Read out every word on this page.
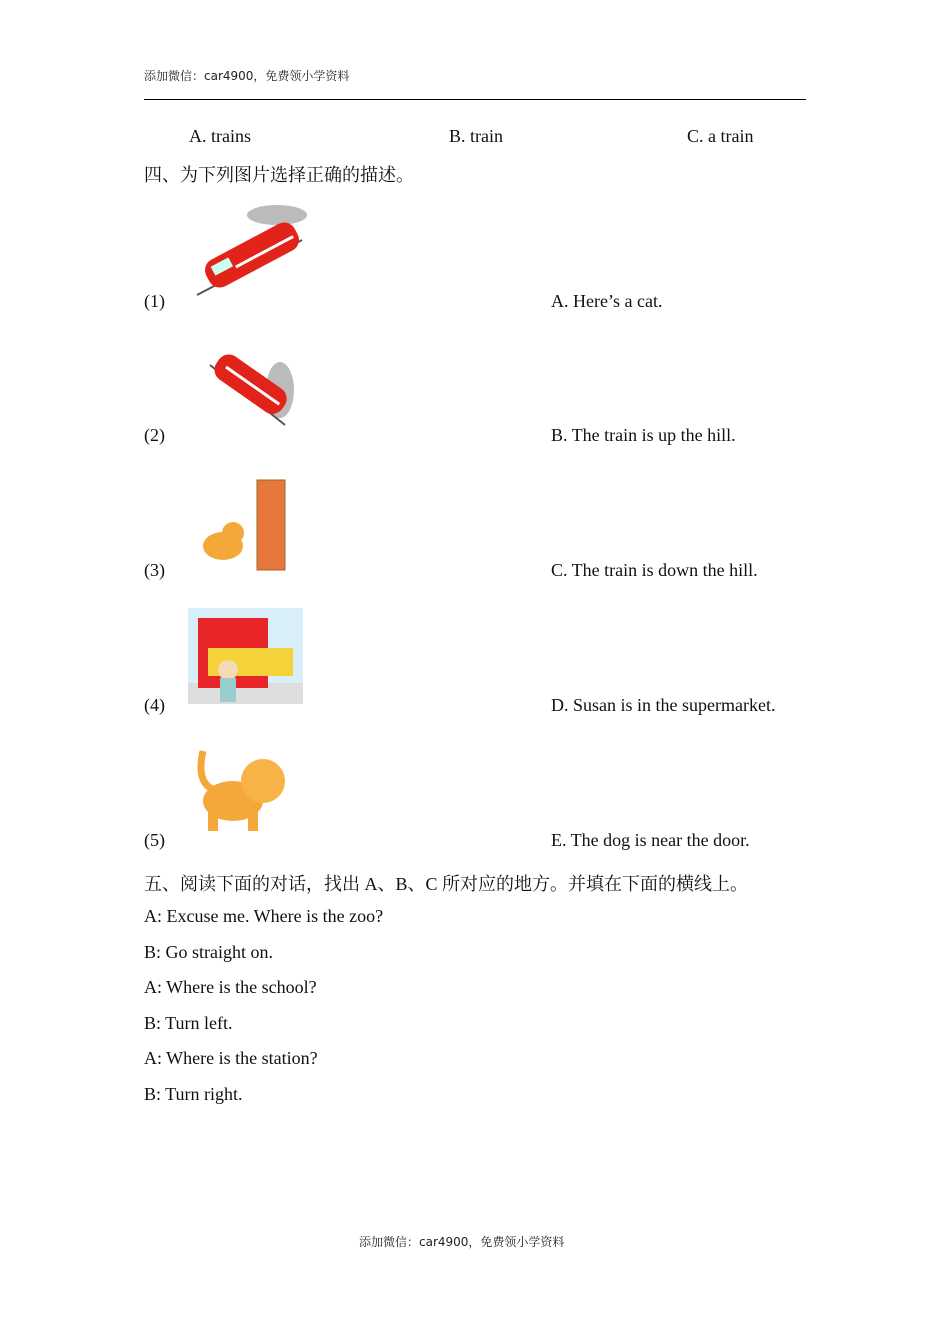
添加微信：car4900，免费领小学资料
A. trains	B. train	C. a train
四、为下列图片选择正确的描述。
(1)
(2)
(3)
(4)
(5)
A. Here’s a cat.
B. The train is up the hill.
C. The train is down the hill.
D. Susan is in the supermarket.
E. The dog is near the door.
五、阅读下面的对话，找出 A、B、C 所对应的地方。并填在下面的横线上。
A: Excuse me. Where is the zoo?
B: Go straight on.
A: Where is the school?
B: Turn left.
A: Where is the station?
B: Turn right.
添加微信：car4900，免费领小学资料
